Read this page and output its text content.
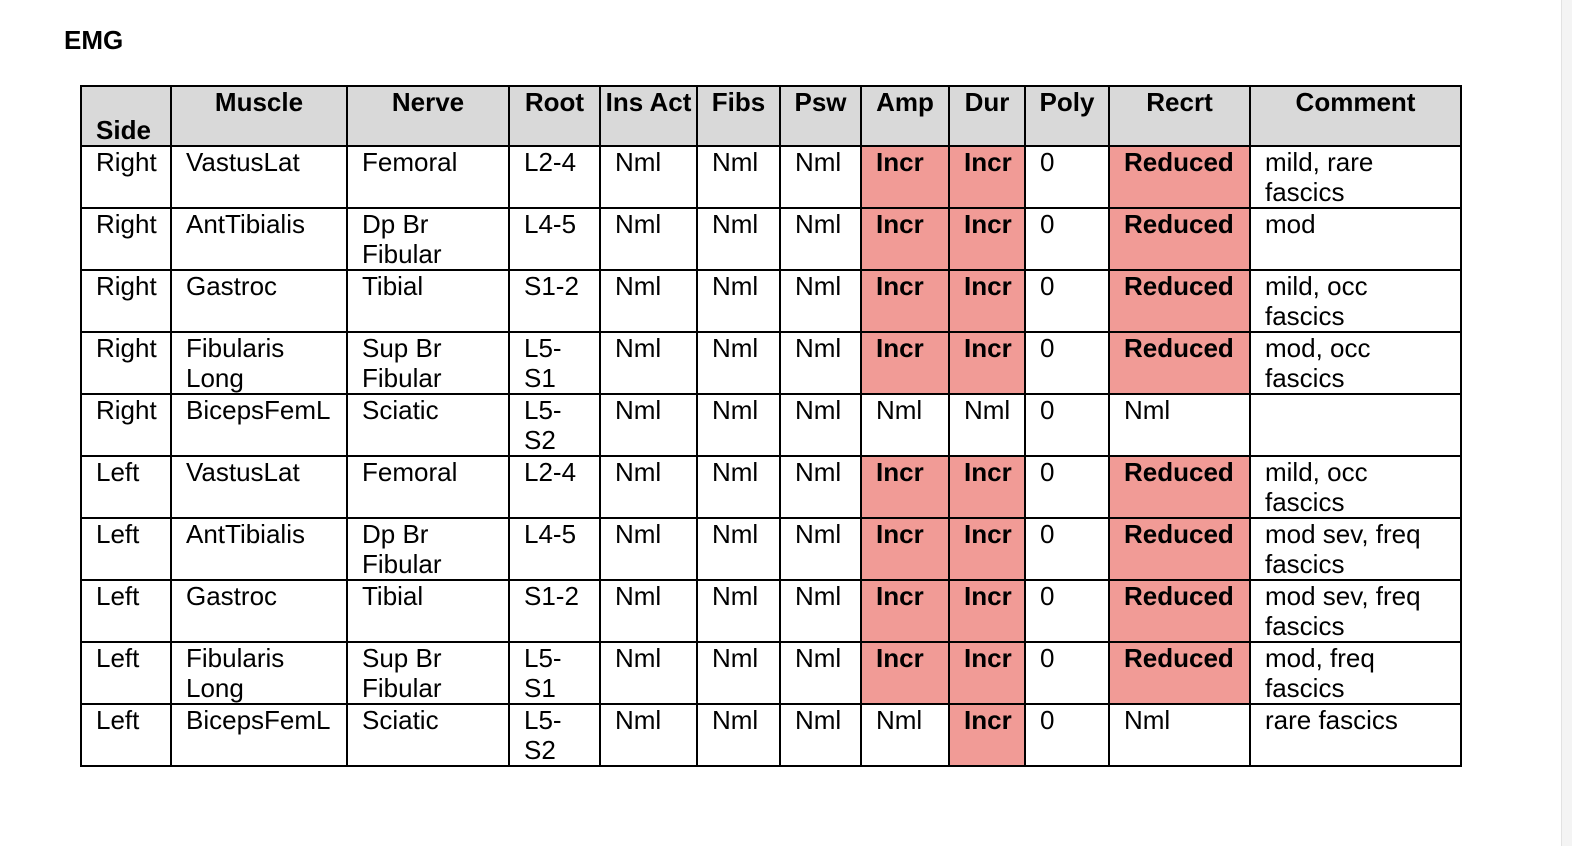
EMG
Side	Muscle	Nerve	Root	Ins Act	Fibs	Psw	Amp	Dur	Poly	Recrt	Comment
Right	VastusLat	Femoral	L2-4	Nml	Nml	Nml	Incr	Incr	0	Reduced	mild, rare fascics
Right	AntTibialis	Dp Br Fibular	L4-5	Nml	Nml	Nml	Incr	Incr	0	Reduced	mod
Right	Gastroc	Tibial	S1-2	Nml	Nml	Nml	Incr	Incr	0	Reduced	mild, occ fascics
Right	Fibularis Long	Sup Br Fibular	L5-S1	Nml	Nml	Nml	Incr	Incr	0	Reduced	mod, occ fascics
Right	BicepsFemL	Sciatic	L5-S2	Nml	Nml	Nml	Nml	Nml	0	Nml	
Left	VastusLat	Femoral	L2-4	Nml	Nml	Nml	Incr	Incr	0	Reduced	mild, occ fascics
Left	AntTibialis	Dp Br Fibular	L4-5	Nml	Nml	Nml	Incr	Incr	0	Reduced	mod sev, freq fascics
Left	Gastroc	Tibial	S1-2	Nml	Nml	Nml	Incr	Incr	0	Reduced	mod sev, freq fascics
Left	Fibularis Long	Sup Br Fibular	L5-S1	Nml	Nml	Nml	Incr	Incr	0	Reduced	mod, freq fascics
Left	BicepsFemL	Sciatic	L5-S2	Nml	Nml	Nml	Nml	Incr	0	Nml	rare fascics
